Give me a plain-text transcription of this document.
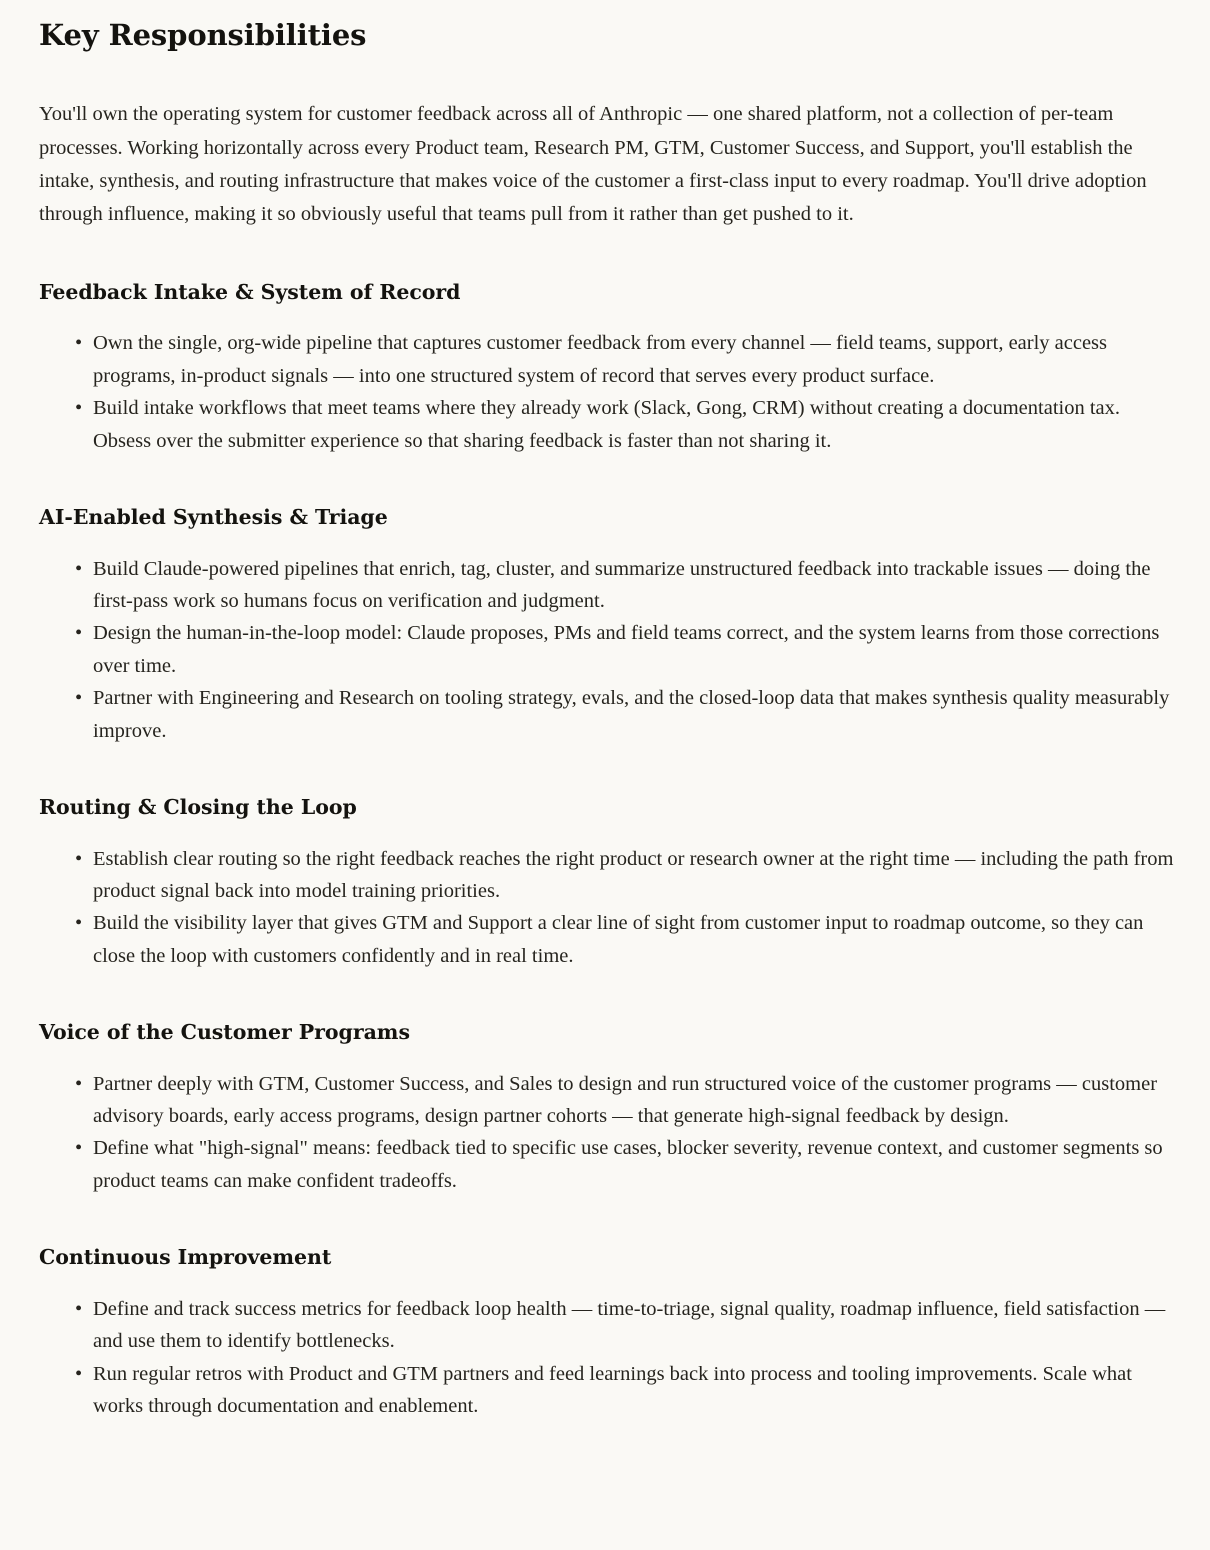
Key Responsibilities

You'll own the operating system for customer feedback across all of Anthropic — one shared platform, not a collection of per-team processes. Working horizontally across every Product team, Research PM, GTM, Customer Success, and Support, you'll establish the intake, synthesis, and routing infrastructure that makes voice of the customer a first-class input to every roadmap. You'll drive adoption through influence, making it so obviously useful that teams pull from it rather than get pushed to it.

Feedback Intake & System of Record
• Own the single, org-wide pipeline that captures customer feedback from every channel — field teams, support, early access programs, in-product signals — into one structured system of record that serves every product surface.
• Build intake workflows that meet teams where they already work (Slack, Gong, CRM) without creating a documentation tax. Obsess over the submitter experience so that sharing feedback is faster than not sharing it.
AI-Enabled Synthesis & Triage
• Build Claude-powered pipelines that enrich, tag, cluster, and summarize unstructured feedback into trackable issues — doing the first-pass work so humans focus on verification and judgment.
• Design the human-in-the-loop model: Claude proposes, PMs and field teams correct, and the system learns from those corrections over time.
• Partner with Engineering and Research on tooling strategy, evals, and the closed-loop data that makes synthesis quality measurably improve.
Routing & Closing the Loop
• Establish clear routing so the right feedback reaches the right product or research owner at the right time — including the path from product signal back into model training priorities.
• Build the visibility layer that gives GTM and Support a clear line of sight from customer input to roadmap outcome, so they can close the loop with customers confidently and in real time.
Voice of the Customer Programs
• Partner deeply with GTM, Customer Success, and Sales to design and run structured voice of the customer programs — customer advisory boards, early access programs, design partner cohorts — that generate high-signal feedback by design.
• Define what "high-signal" means: feedback tied to specific use cases, blocker severity, revenue context, and customer segments so product teams can make confident tradeoffs.
Continuous Improvement
• Define and track success metrics for feedback loop health — time-to-triage, signal quality, roadmap influence, field satisfaction — and use them to identify bottlenecks.
• Run regular retros with Product and GTM partners and feed learnings back into process and tooling improvements. Scale what works through documentation and enablement.
